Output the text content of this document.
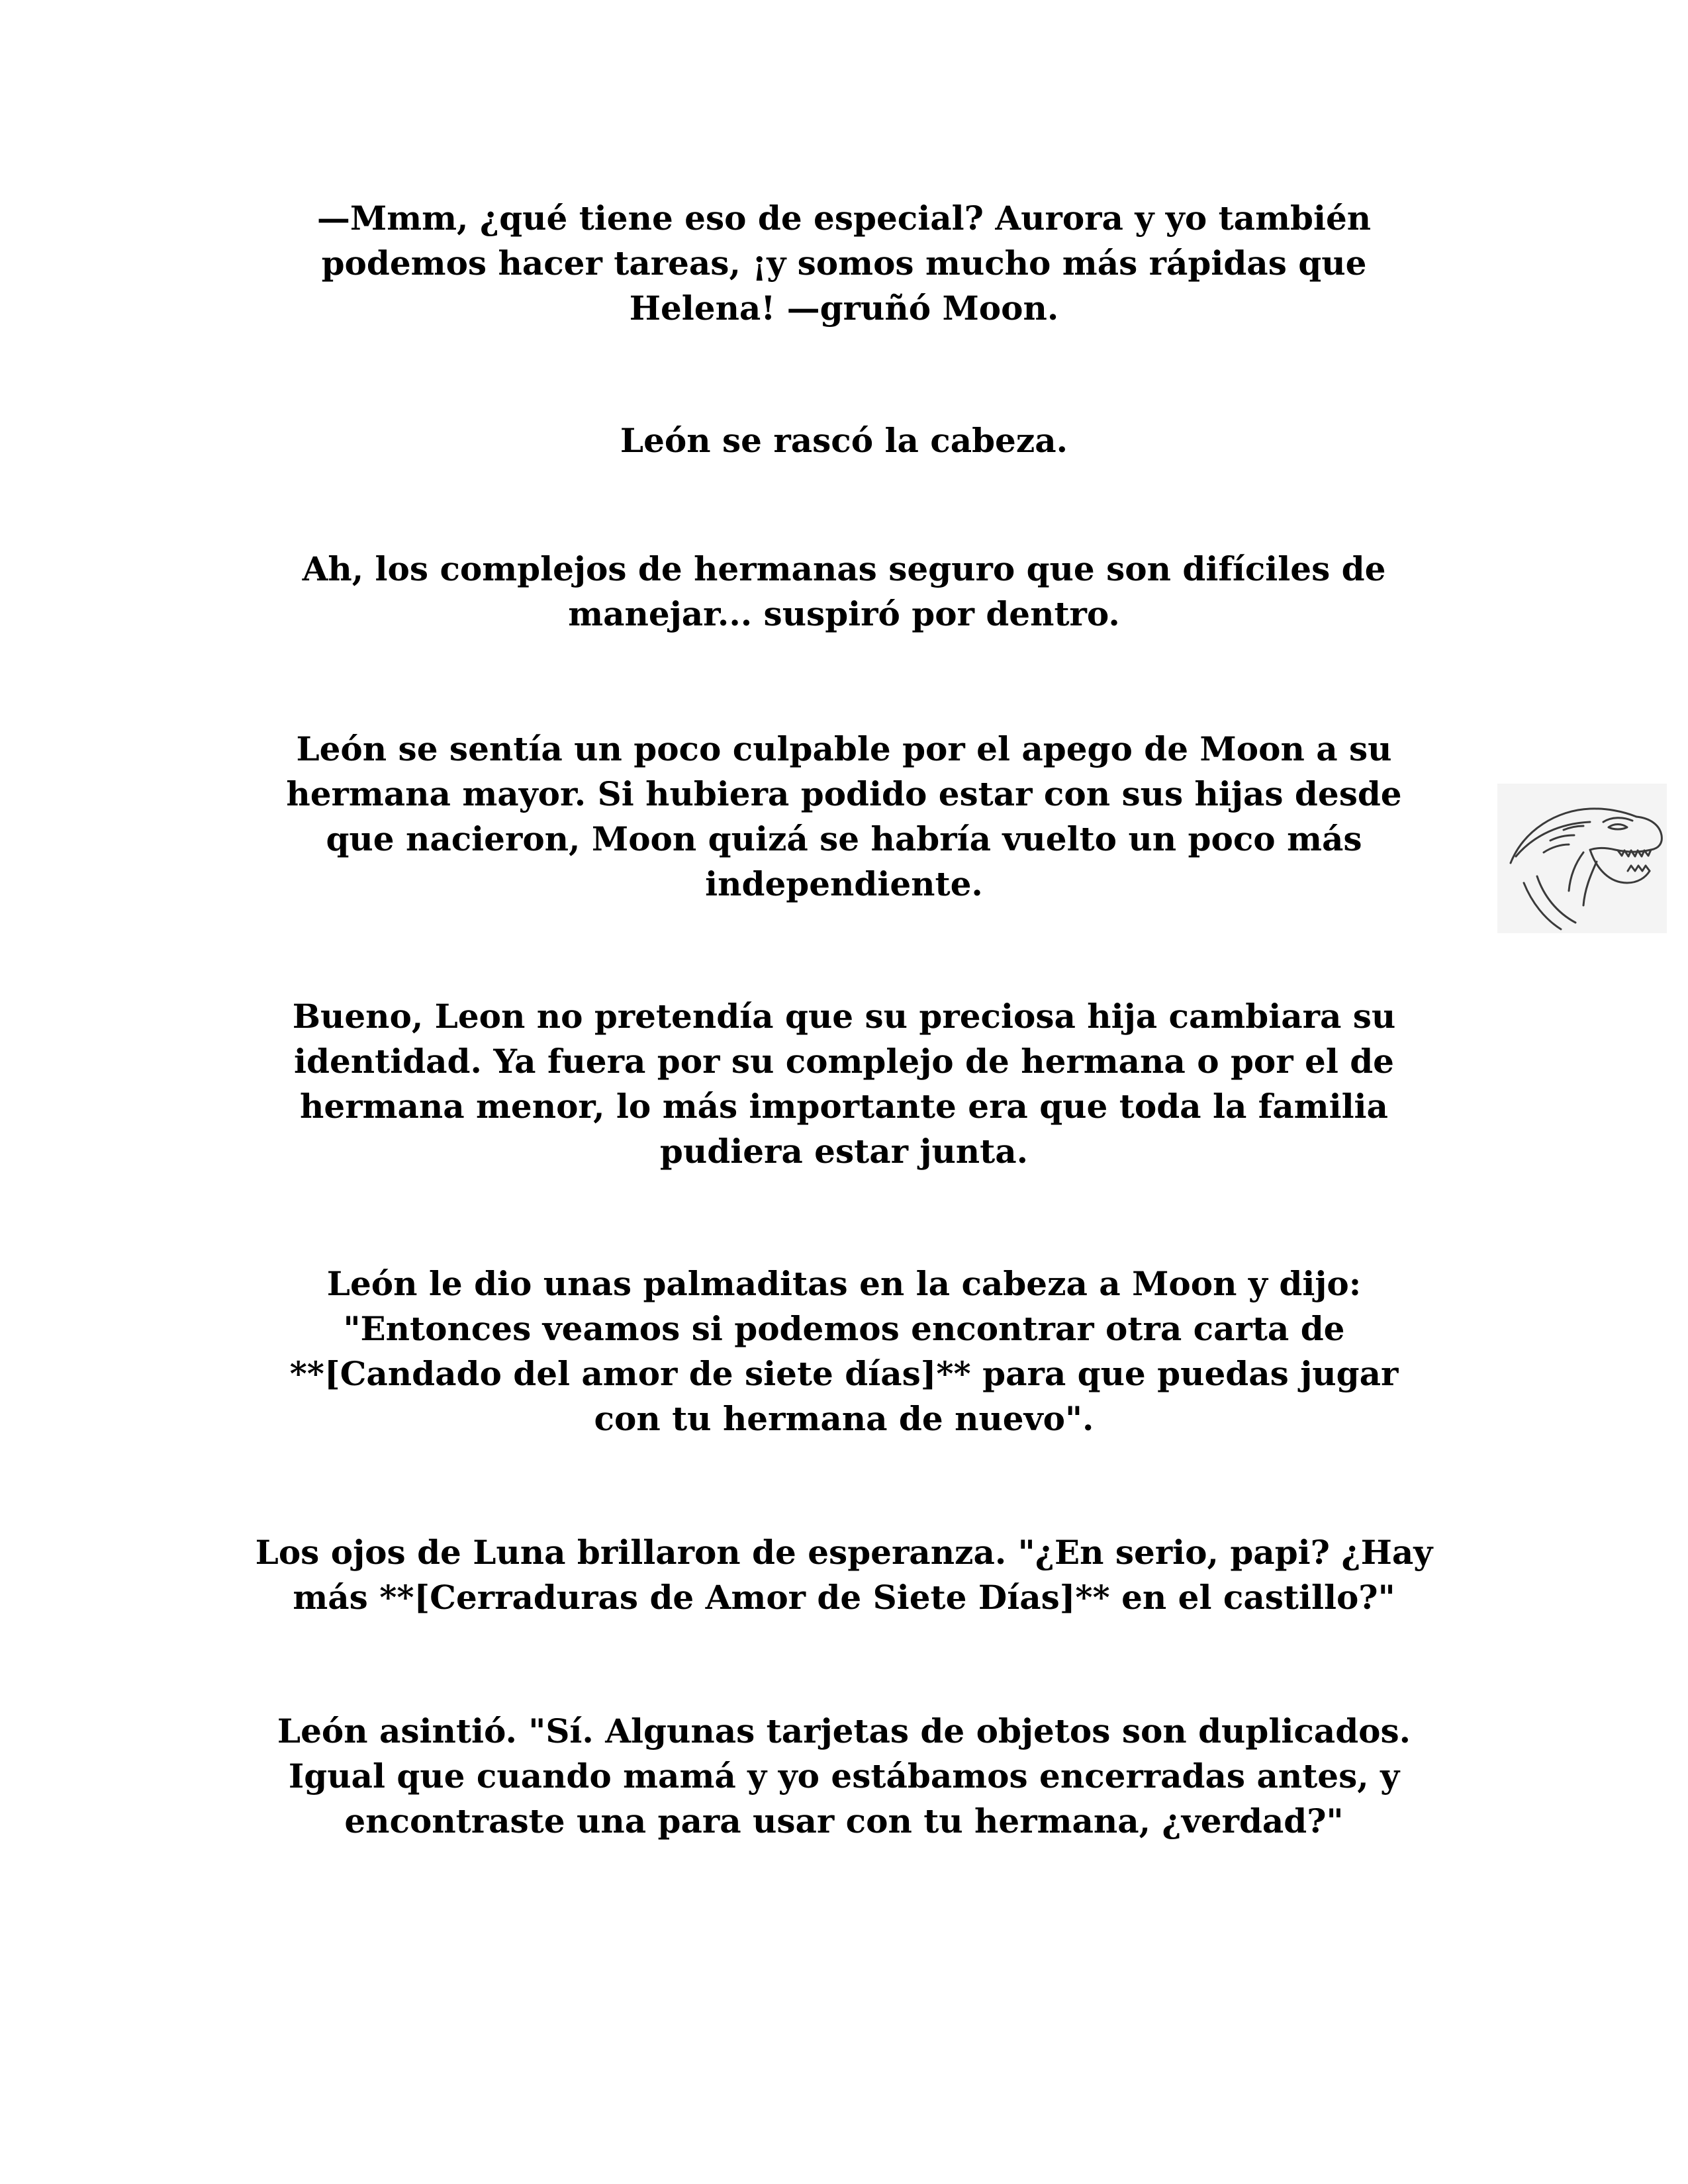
—Mmm, ¿qué tiene eso de especial? Aurora y yo también
podemos hacer tareas, ¡y somos mucho más rápidas que
Helena! —gruñó Moon.
León se rascó la cabeza.
Ah, los complejos de hermanas seguro que son difíciles de
manejar... suspiró por dentro.
León se sentía un poco culpable por el apego de Moon a su
hermana mayor. Si hubiera podido estar con sus hijas desde
que nacieron, Moon quizá se habría vuelto un poco más
independiente.
Bueno, Leon no pretendía que su preciosa hija cambiara su
identidad. Ya fuera por su complejo de hermana o por el de
hermana menor, lo más importante era que toda la familia
pudiera estar junta.
León le dio unas palmaditas en la cabeza a Moon y dijo:
"Entonces veamos si podemos encontrar otra carta de
**[Candado del amor de siete días]** para que puedas jugar
con tu hermana de nuevo".
Los ojos de Luna brillaron de esperanza. "¿En serio, papi? ¿Hay
más **[Cerraduras de Amor de Siete Días]** en el castillo?"
León asintió. "Sí. Algunas tarjetas de objetos son duplicados.
Igual que cuando mamá y yo estábamos encerradas antes, y
encontraste una para usar con tu hermana, ¿verdad?"
